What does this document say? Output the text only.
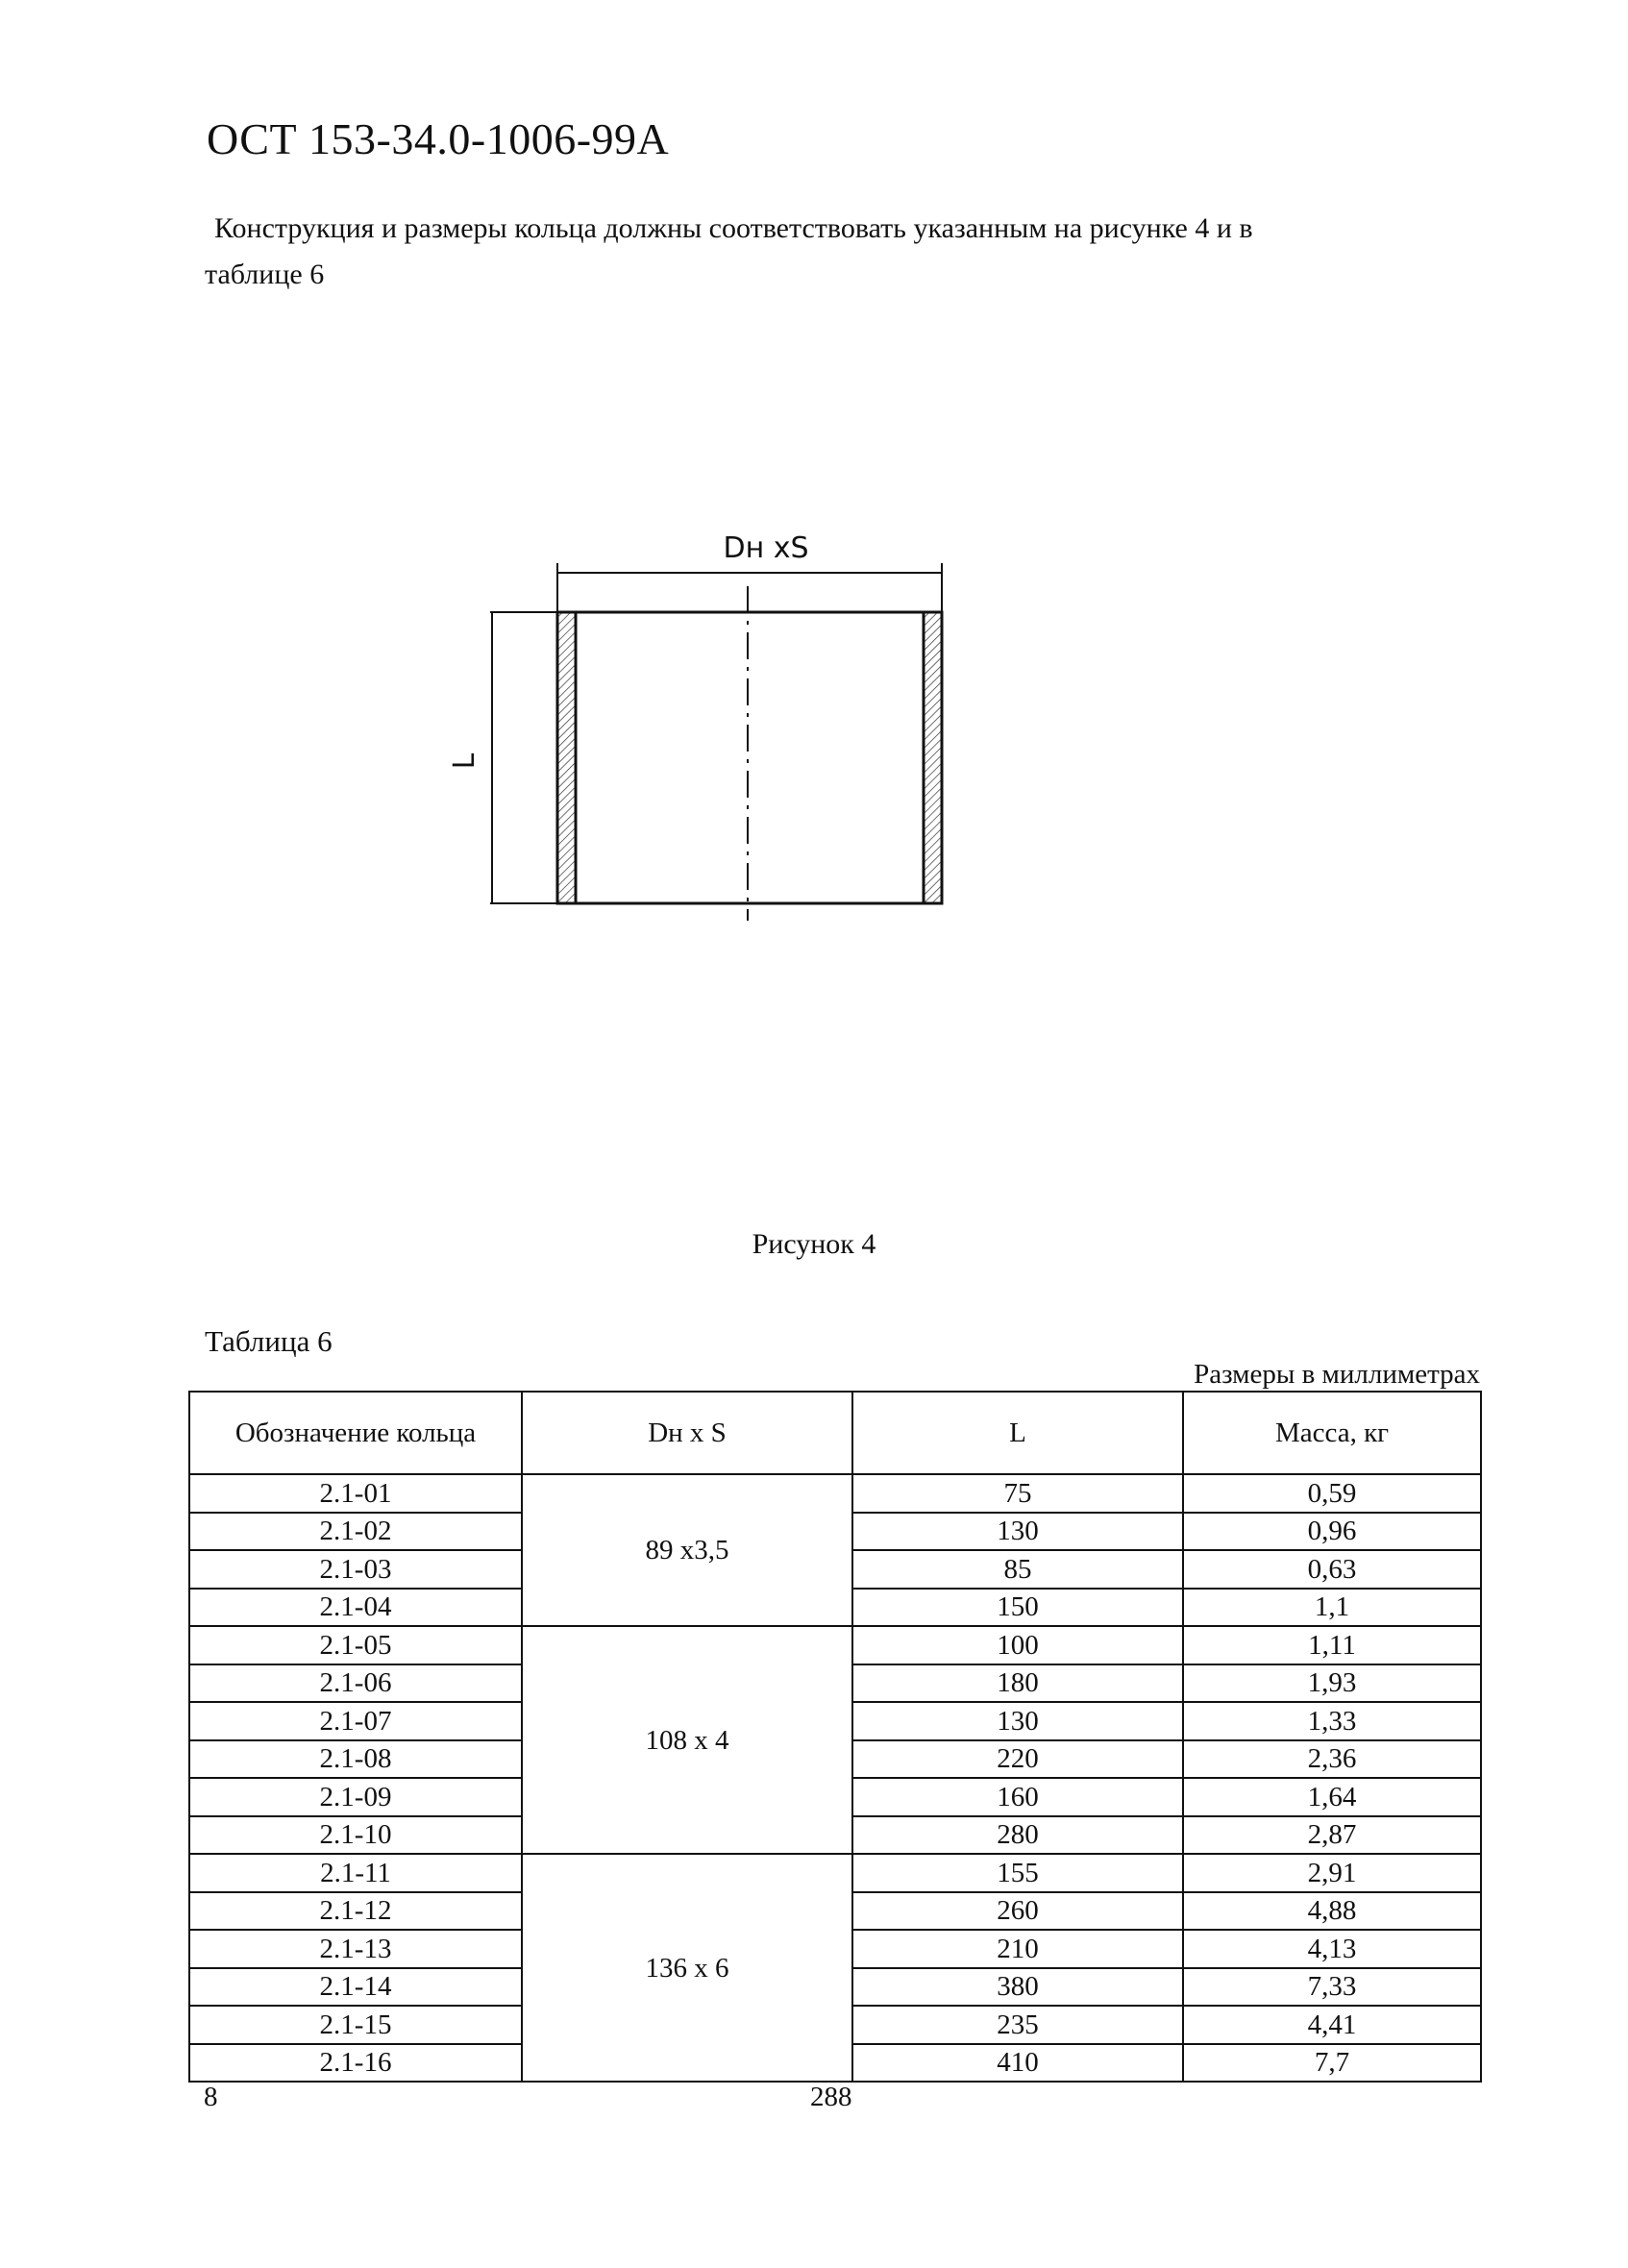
ОСТ 153-34.0-1006-99А
Конструкция и размеры кольца должны соответствовать указанным на рисунке 4 и в
таблице 6
Dн xS
L
Рисунок 4
Таблица 6
Размеры в миллиметрах
Обозначение кольца	Dн x S	L	Масса, кг
2.1-01	89 x3,5	75	0,59
2.1-02		130	0,96
2.1-03		85	0,63
2.1-04		150	1,1
2.1-05	108 x 4	100	1,11
2.1-06		180	1,93
2.1-07		130	1,33
2.1-08		220	2,36
2.1-09		160	1,64
2.1-10		280	2,87
2.1-11	136 x 6	155	2,91
2.1-12		260	4,88
2.1-13		210	4,13
2.1-14		380	7,33
2.1-15		235	4,41
2.1-16		410	7,7
8	288
